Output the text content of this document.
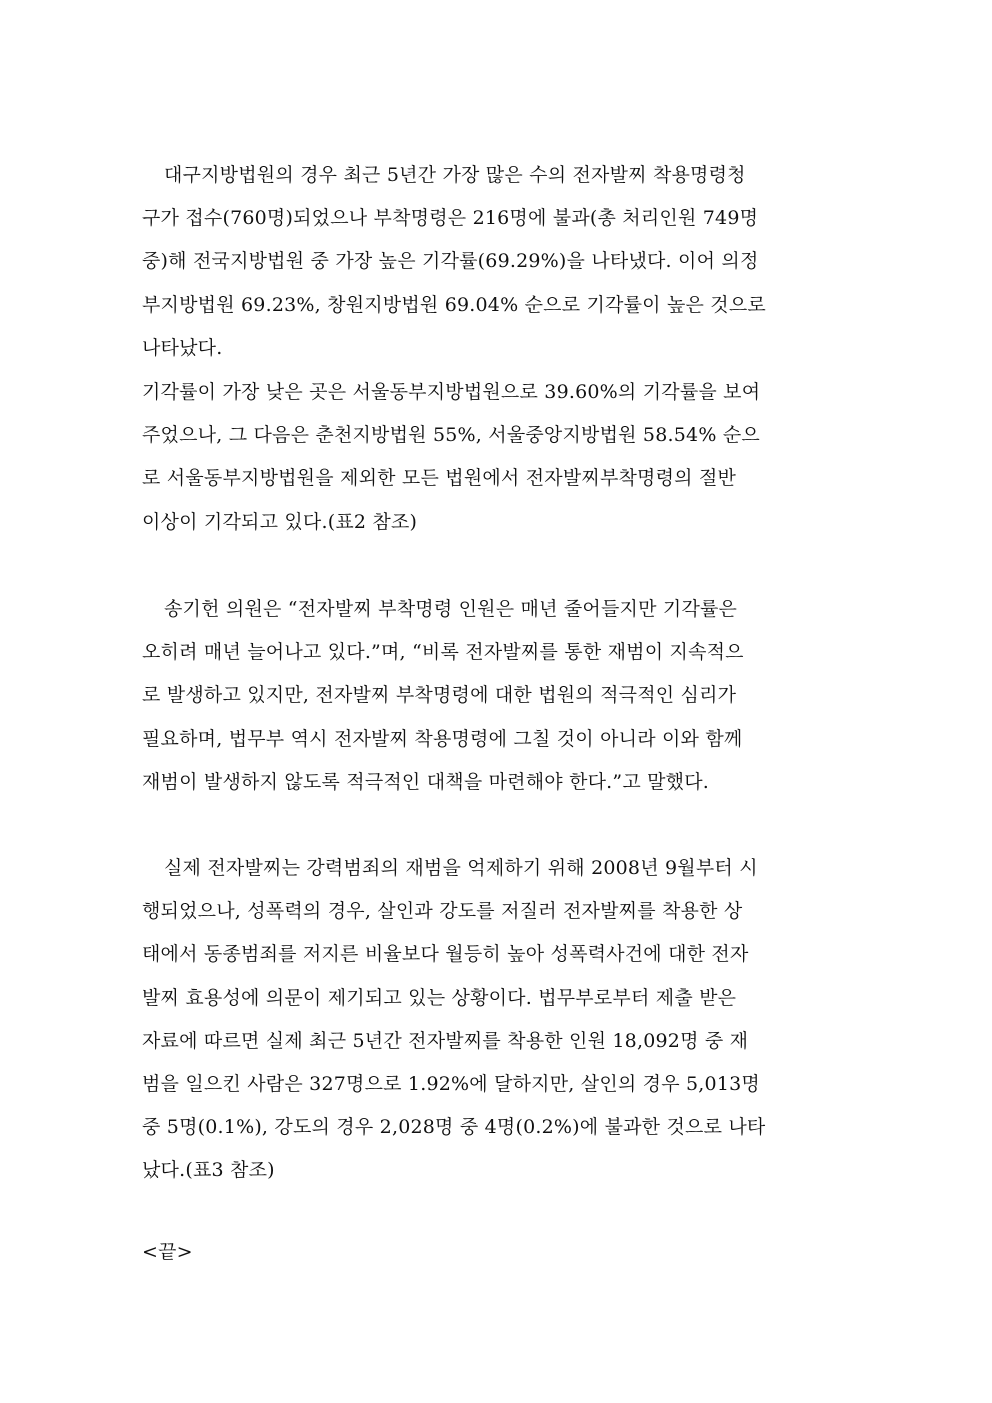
대구지방법원의 경우 최근 5년간 가장 많은 수의 전자발찌 착용명령청
구가 접수(760명)되었으나 부착명령은 216명에 불과(총 처리인원 749명
중)해 전국지방법원 중 가장 높은 기각률(69.29%)을 나타냈다. 이어 의정
부지방법원 69.23%, 창원지방법원 69.04% 순으로 기각률이 높은 것으로
나타났다.
기각률이 가장 낮은 곳은 서울동부지방법원으로 39.60%의 기각률을 보여
주었으나, 그 다음은 춘천지방법원 55%, 서울중앙지방법원 58.54% 순으
로 서울동부지방법원을 제외한 모든 법원에서 전자발찌부착명령의 절반
이상이 기각되고 있다.(표2 참조)
송기헌 의원은 “전자발찌 부착명령 인원은 매년 줄어들지만 기각률은
오히려 매년 늘어나고 있다.”며, “비록 전자발찌를 통한 재범이 지속적으
로 발생하고 있지만, 전자발찌 부착명령에 대한 법원의 적극적인 심리가
필요하며, 법무부 역시 전자발찌 착용명령에 그칠 것이 아니라 이와 함께
재범이 발생하지 않도록 적극적인 대책을 마련해야 한다.”고 말했다.
실제 전자발찌는 강력범죄의 재범을 억제하기 위해 2008년 9월부터 시
행되었으나, 성폭력의 경우, 살인과 강도를 저질러 전자발찌를 착용한 상
태에서 동종범죄를 저지른 비율보다 월등히 높아 성폭력사건에 대한 전자
발찌 효용성에 의문이 제기되고 있는 상황이다. 법무부로부터 제출 받은
자료에 따르면 실제 최근 5년간 전자발찌를 착용한 인원 18,092명 중 재
범을 일으킨 사람은 327명으로 1.92%에 달하지만, 살인의 경우 5,013명
중 5명(0.1%), 강도의 경우 2,028명 중 4명(0.2%)에 불과한 것으로 나타
났다.(표3 참조)
<끝>
